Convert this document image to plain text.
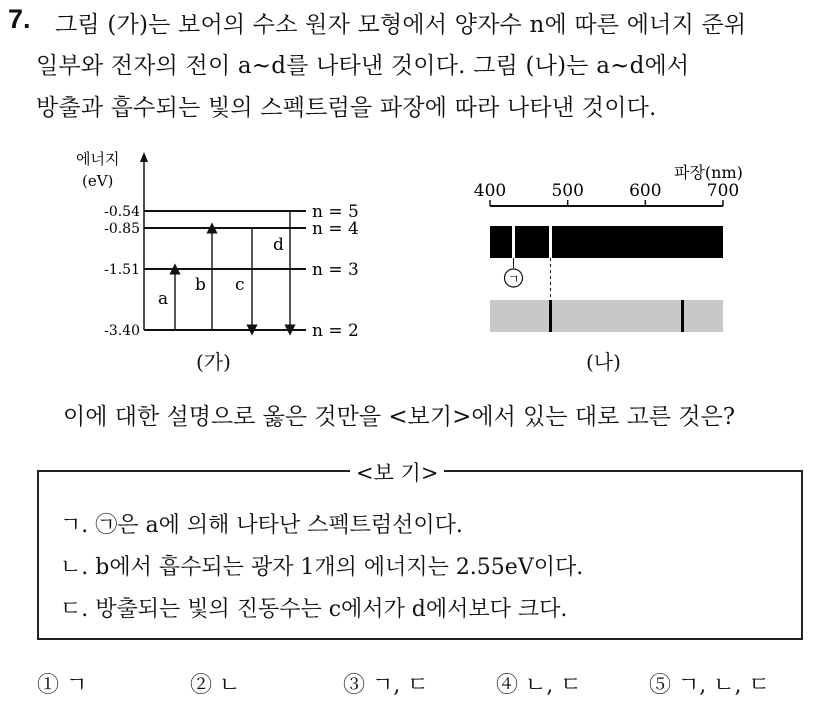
7. 그림 (가)는 보어의 수소 원자 모형에서 양자수 n에 따른 에너지 준위
일부와 전자의 전이 a~d를 나타낸 것이다. 그림 (나)는 a~d에서
방출과 흡수되는 빛의 스펙트럼을 파장에 따라 나타낸 것이다.
에너지
(eV)
-0.54	n = 5
-0.85	n = 4
-1.51	n = 3
-3.40	n = 2
a
b c
d
(가)
파장(nm)
400	500	600	700
ㄱ
(나)
이에 대한 설명으로 옳은 것만을 <보기>에서 있는 대로 고른 것은?
<보 기>
ㄱ. ㉠은 a에 의해 나타난 스펙트럼선이다.
ㄴ. b에서 흡수되는 광자 1개의 에너지는 2.55eV이다.
ㄷ. 방출되는 빛의 진동수는 c에서가 d에서보다 크다.
① ㄱ	② ㄴ	③ ㄱ, ㄷ	④ ㄴ, ㄷ	⑤ ㄱ, ㄴ, ㄷ
